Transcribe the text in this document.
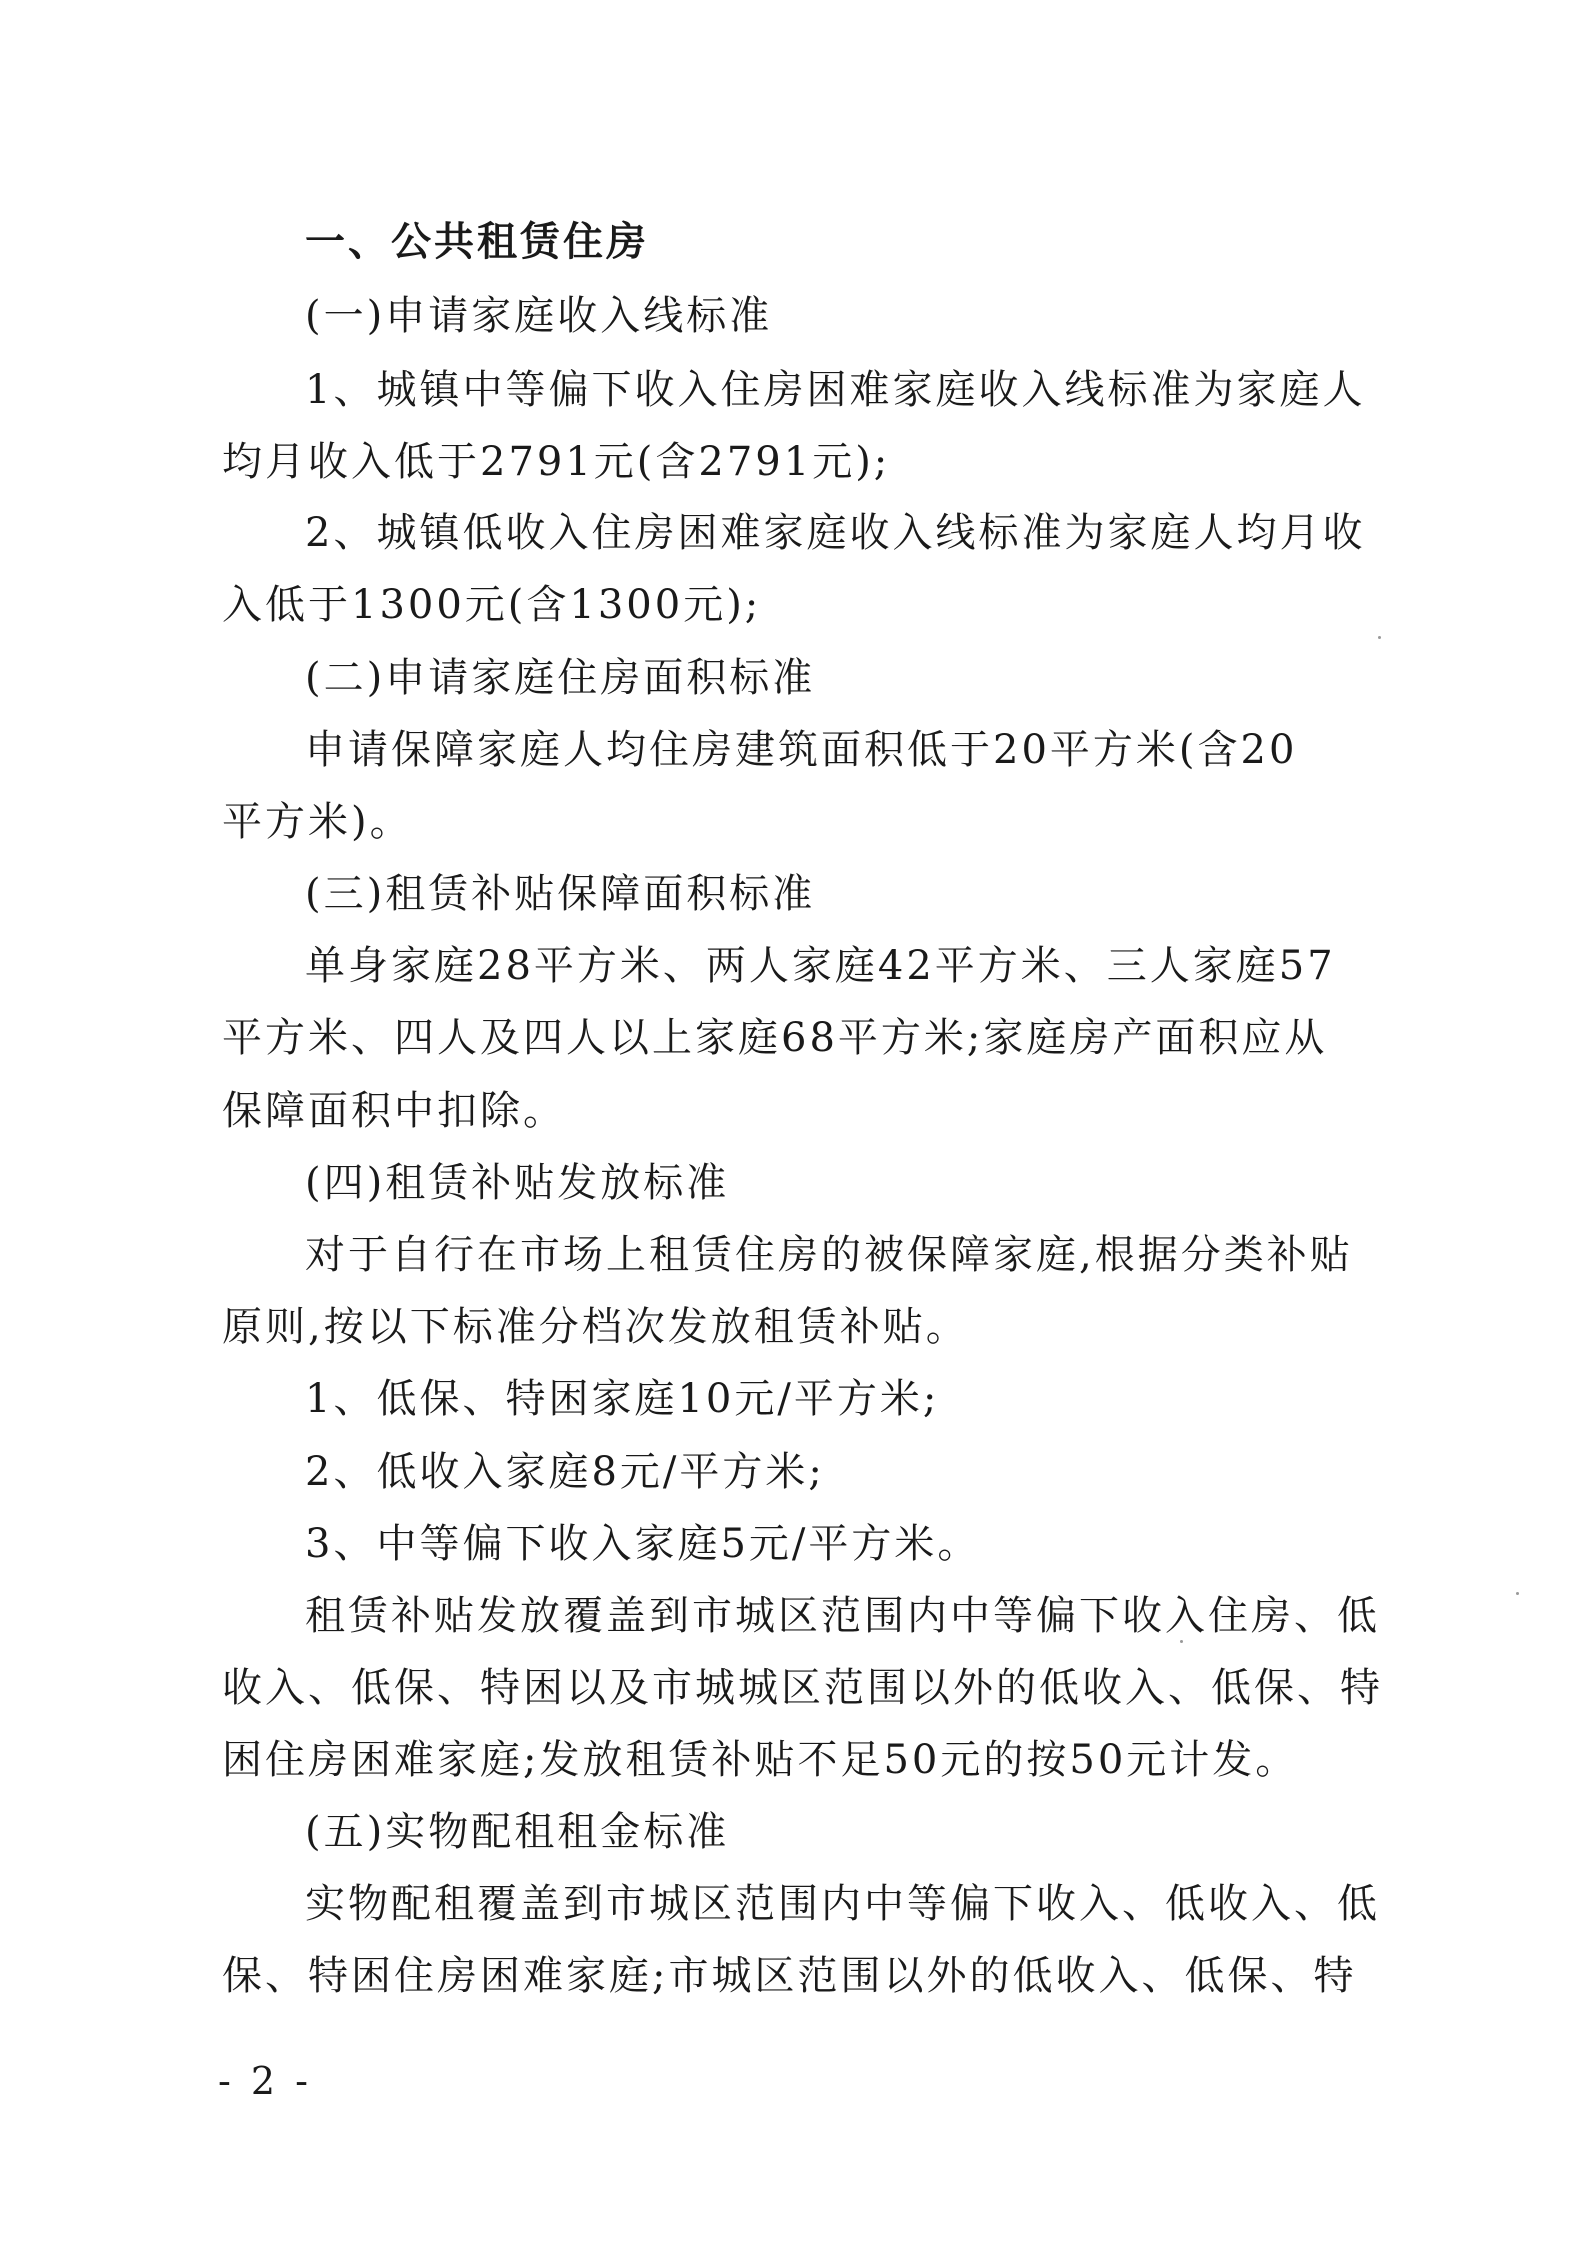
一、公共租赁住房
(一)申请家庭收入线标准
1、城镇中等偏下收入住房困难家庭收入线标准为家庭人
均月收入低于2791元(含2791元);
2、城镇低收入住房困难家庭收入线标准为家庭人均月收
入低于1300元(含1300元);
(二)申请家庭住房面积标准
申请保障家庭人均住房建筑面积低于20平方米(含20
平方米)。
(三)租赁补贴保障面积标准
单身家庭28平方米、两人家庭42平方米、三人家庭57
平方米、四人及四人以上家庭68平方米;家庭房产面积应从
保障面积中扣除。
(四)租赁补贴发放标准
对于自行在市场上租赁住房的被保障家庭,根据分类补贴
原则,按以下标准分档次发放租赁补贴。
1、低保、特困家庭10元/平方米;
2、低收入家庭8元/平方米;
3、中等偏下收入家庭5元/平方米。
租赁补贴发放覆盖到市城区范围内中等偏下收入住房、低
收入、低保、特困以及市城城区范围以外的低收入、低保、特
困住房困难家庭;发放租赁补贴不足50元的按50元计发。
(五)实物配租租金标准
实物配租覆盖到市城区范围内中等偏下收入、低收入、低
保、特困住房困难家庭;市城区范围以外的低收入、低保、特
- 2 -
